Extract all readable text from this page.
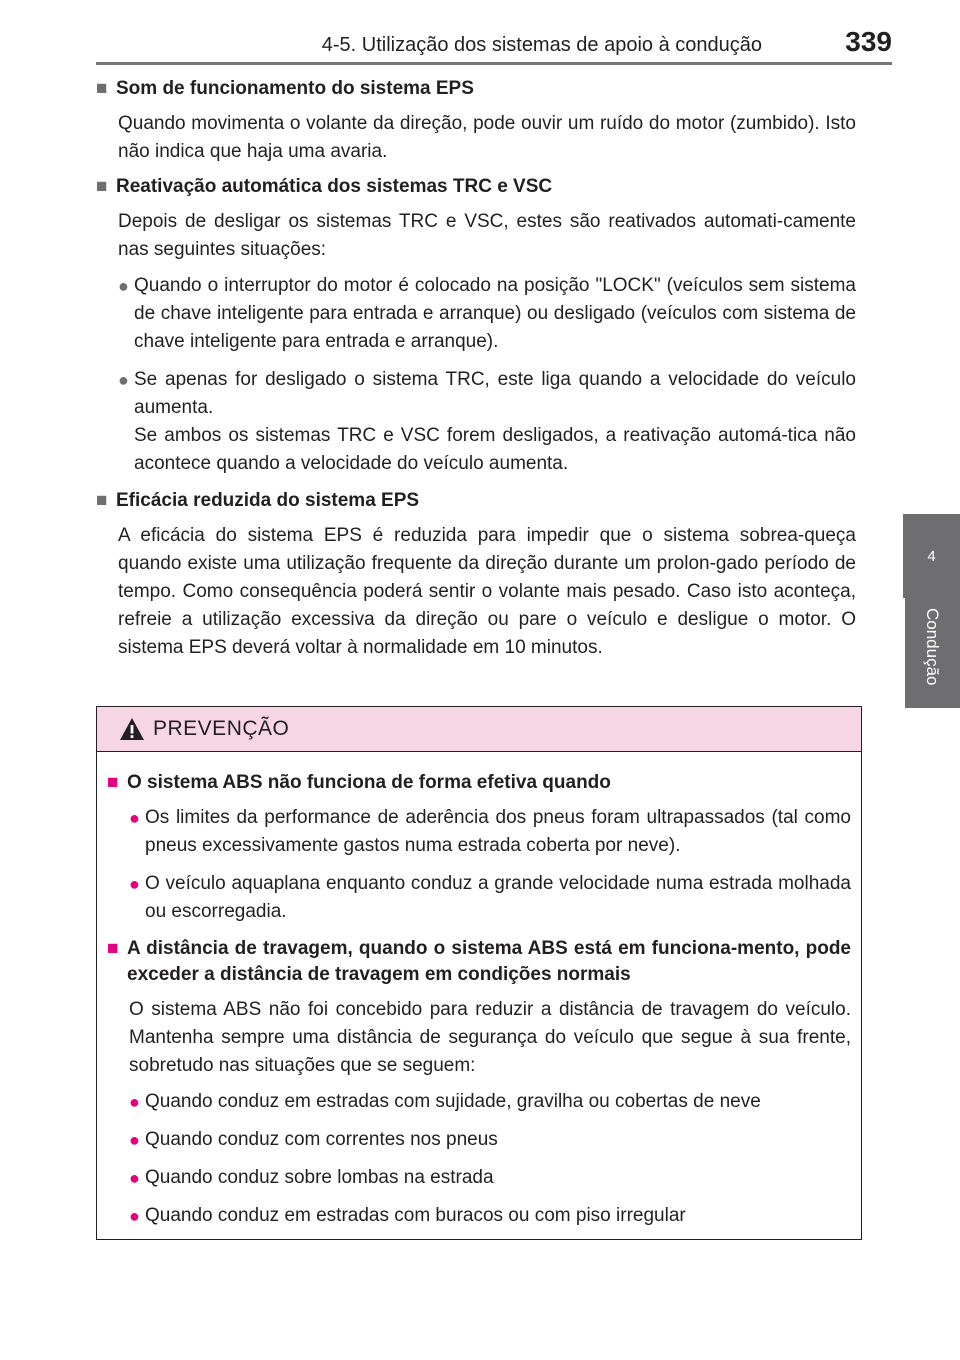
4-5. Utilização dos sistemas de apoio à condução	339
4
Condução
■ Som de funcionamento do sistema EPS

Quando movimenta o volante da direção, pode ouvir um ruído do motor (zumbido). Isto não indica que haja uma avaria.

■ Reativação automática dos sistemas TRC e VSC

Depois de desligar os sistemas TRC e VSC, estes são reativados automati-camente nas seguintes situações:

● Quando o interruptor do motor é colocado na posição "LOCK" (veículos sem sistema de chave inteligente para entrada e arranque) ou desligado (veículos com sistema de chave inteligente para entrada e arranque).
● Se apenas for desligado o sistema TRC, este liga quando a velocidade do veículo aumenta.
Se ambos os sistemas TRC e VSC forem desligados, a reativação automá-tica não acontece quando a velocidade do veículo aumenta.
■ Eficácia reduzida do sistema EPS

A eficácia do sistema EPS é reduzida para impedir que o sistema sobrea-queça quando existe uma utilização frequente da direção durante um prolon-gado período de tempo. Como consequência poderá sentir o volante mais pesado. Caso isto aconteça, refreie a utilização excessiva da direção ou pare o veículo e desligue o motor. O sistema EPS deverá voltar à normalidade em 10 minutos.

PREVENÇÃO
■ O sistema ABS não funciona de forma efetiva quando
● Os limites da performance de aderência dos pneus foram ultrapassados (tal como pneus excessivamente gastos numa estrada coberta por neve).
● O veículo aquaplana enquanto conduz a grande velocidade numa estrada molhada ou escorregadia.
■ A distância de travagem, quando o sistema ABS está em funciona-mento, pode exceder a distância de travagem em condições normais

O sistema ABS não foi concebido para reduzir a distância de travagem do veículo. Mantenha sempre uma distância de segurança do veículo que segue à sua frente, sobretudo nas situações que se seguem:

● Quando conduz em estradas com sujidade, gravilha ou cobertas de neve
● Quando conduz com correntes nos pneus
● Quando conduz sobre lombas na estrada
● Quando conduz em estradas com buracos ou com piso irregular
